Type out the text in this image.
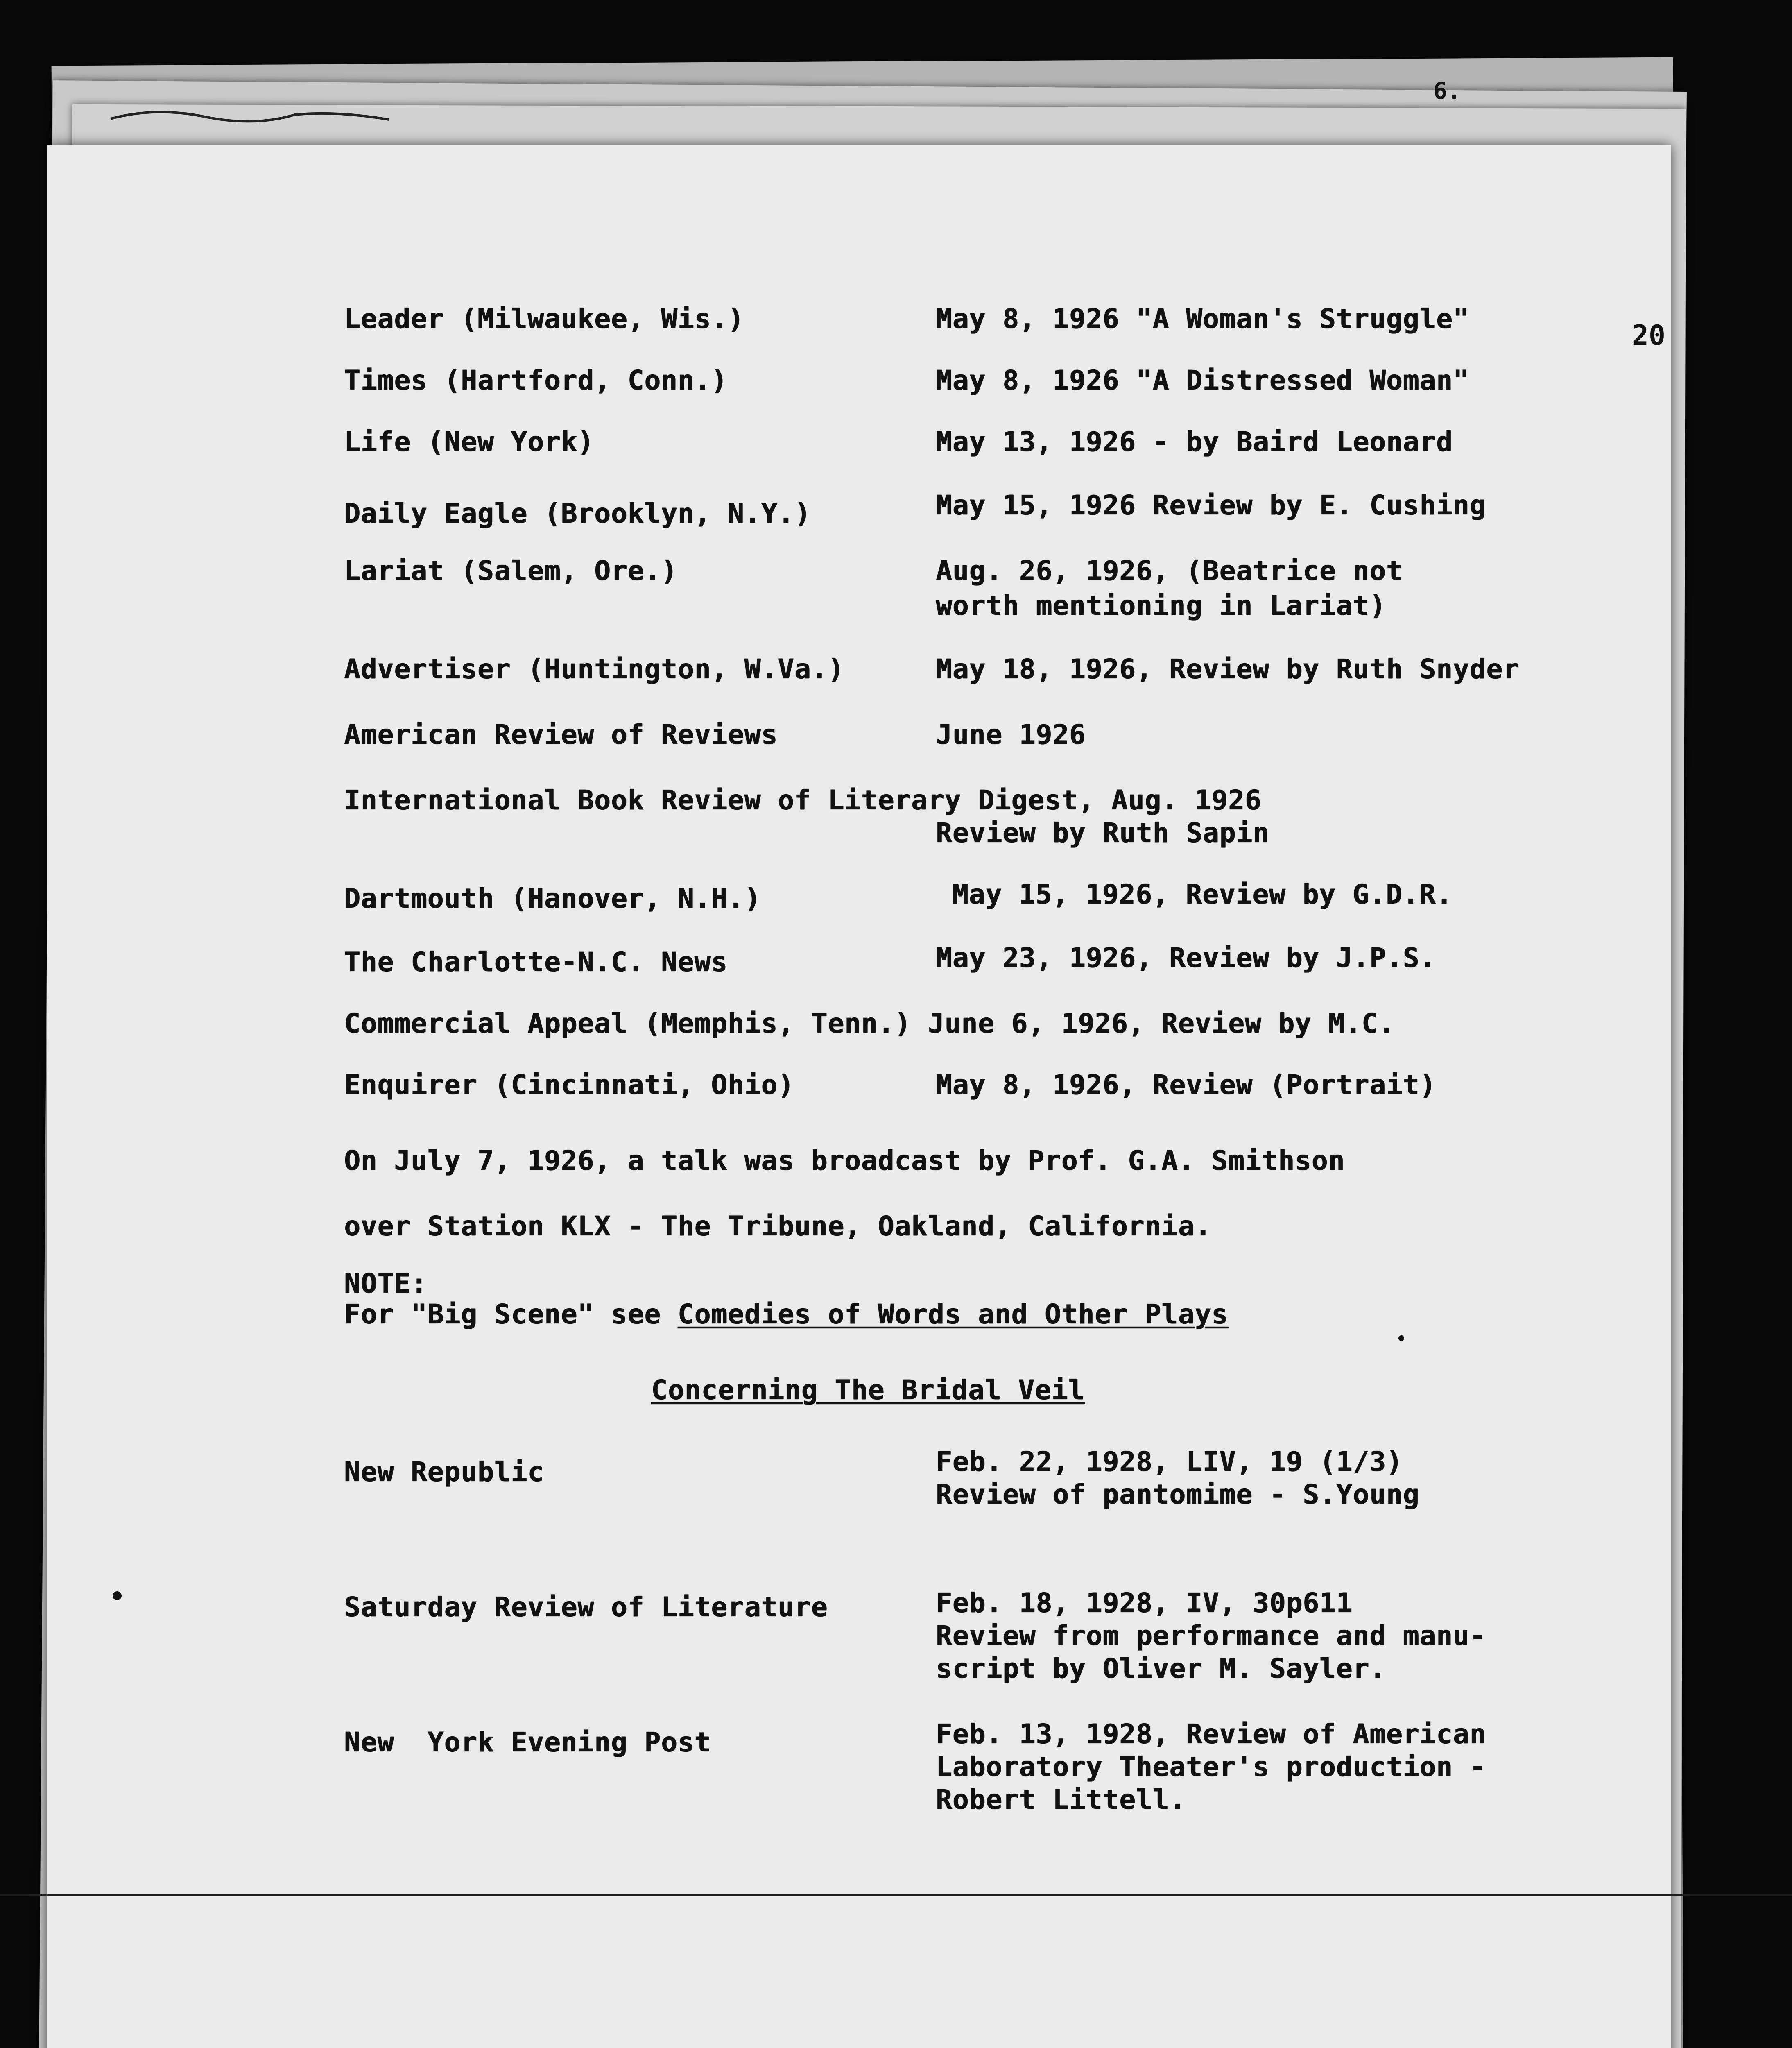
6.
20
Leader (Milwaukee, Wis.)	May 8, 1926 "A Woman's Struggle"
Times (Hartford, Conn.)	May 8, 1926 "A Distressed Woman"
Life (New York)	May 13, 1926 - by Baird Leonard
Daily Eagle (Brooklyn, N.Y.)	May 15, 1926 Review by E. Cushing
Lariat (Salem, Ore.)	Aug. 26, 1926, (Beatrice not
worth mentioning in Lariat)
Advertiser (Huntington, W.Va.)	May 18, 1926, Review by Ruth Snyder
American Review of Reviews	June 1926
International Book Review of Literary Digest, Aug. 1926
Review by Ruth Sapin
Dartmouth (Hanover, N.H.)	May 15, 1926, Review by G.D.R.
The Charlotte-N.C. News	May 23, 1926, Review by J.P.S.
Commercial Appeal (Memphis, Tenn.) June 6, 1926, Review by M.C.
Enquirer (Cincinnati, Ohio)	May 8, 1926, Review (Portrait)
On July 7, 1926, a talk was broadcast by Prof. G.A. Smithson
over Station KLX - The Tribune, Oakland, California.
NOTE:
For "Big Scene" see Comedies of Words and Other Plays
Concerning The Bridal Veil
New Republic	Feb. 22, 1928, LIV, 19 (1/3)
Review of pantomime - S.Young
Saturday Review of Literature	Feb. 18, 1928, IV, 30p611
Review from performance and manu-
script by Oliver M. Sayler.
New  York Evening Post	Feb. 13, 1928, Review of American
Laboratory Theater's production -
Robert Littell.
